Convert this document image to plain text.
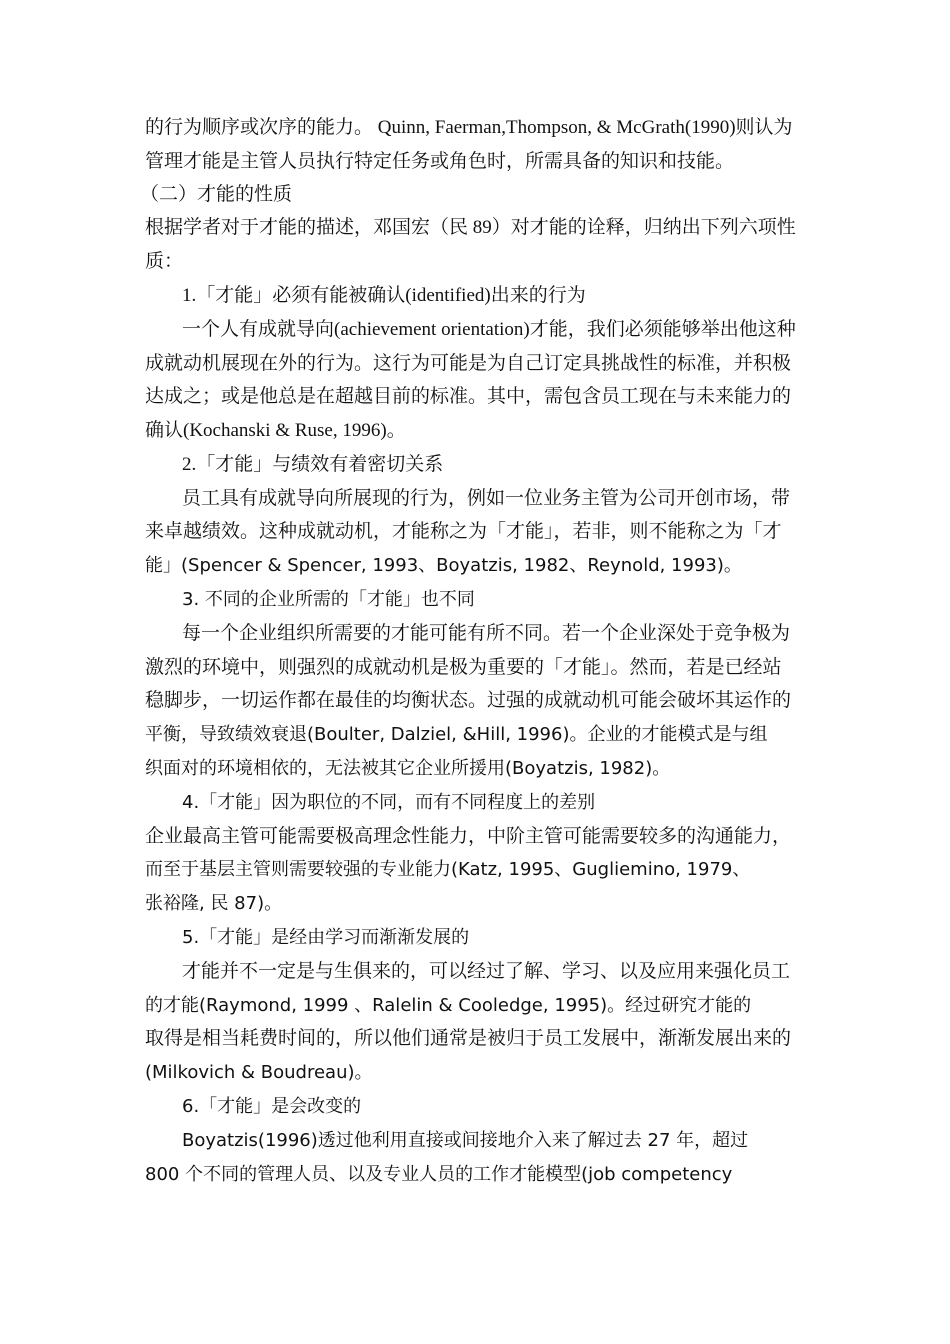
的行为顺序或次序的能力。 Quinn, Faerman,Thompson, & McGrath(1990)则认为
管理才能是主管人员执行特定任务或角色时，所需具备的知识和技能。
（二）才能的性质
根据学者对于才能的描述，邓国宏（民 89）对才能的诠释，归纳出下列六项性
质：
1.「才能」必须有能被确认(identified)出来的行为
一个人有成就导向(achievement orientation)才能，我们必须能够举出他这种
成就动机展现在外的行为。这行为可能是为自己订定具挑战性的标准，并积极
达成之；或是他总是在超越目前的标准。其中，需包含员工现在与未来能力的
确认(Kochanski & Ruse, 1996)。
2.「才能」与绩效有着密切关系
员工具有成就导向所展现的行为，例如一位业务主管为公司开创市场，带
来卓越绩效。这种成就动机，才能称之为「才能」，若非，则不能称之为「才
能」(Spencer & Spencer, 1993、Boyatzis, 1982、Reynold, 1993)。
3. 不同的企业所需的「才能」也不同
每一个企业组织所需要的才能可能有所不同。若一个企业深处于竞争极为
激烈的环境中，则强烈的成就动机是极为重要的「才能」。然而，若是已经站
稳脚步，一切运作都在最佳的均衡状态。过强的成就动机可能会破坏其运作的
平衡，导致绩效衰退(Boulter, Dalziel, &Hill, 1996)。企业的才能模式是与组
织面对的环境相依的，无法被其它企业所援用(Boyatzis, 1982)。
4.「才能」因为职位的不同，而有不同程度上的差别
企业最高主管可能需要极高理念性能力，中阶主管可能需要较多的沟通能力，
而至于基层主管则需要较强的专业能力(Katz, 1995、Gugliemino, 1979、
张裕隆, 民 87)。
5.「才能」是经由学习而渐渐发展的
才能并不一定是与生俱来的，可以经过了解、学习、以及应用来强化员工
的才能(Raymond, 1999 、Ralelin & Cooledge, 1995)。经过研究才能的
取得是相当耗费时间的，所以他们通常是被归于员工发展中，渐渐发展出来的
(Milkovich & Boudreau)。
6.「才能」是会改变的
Boyatzis(1996)透过他利用直接或间接地介入来了解过去 27 年，超过
800 个不同的管理人员、以及专业人员的工作才能模型(job competency
